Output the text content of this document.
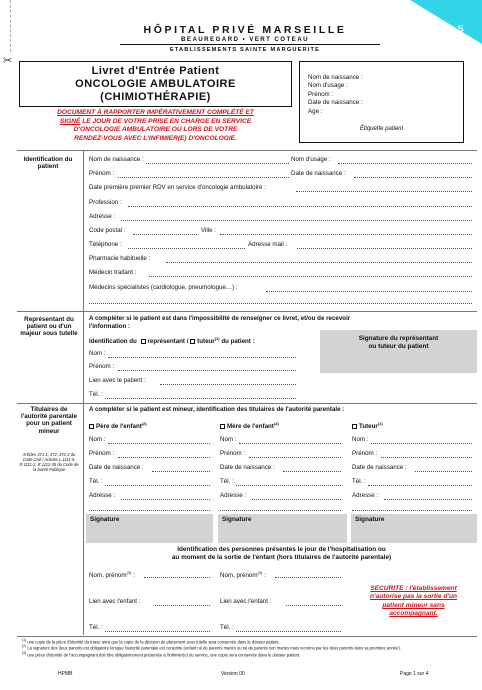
HÔPITAL PRIVÉ MARSEILLE
BEAUREGARD • VERT COTEAU
ETABLISSEMENTS SAINTE MARGUERITE
5
✂
Livret d'Entrée Patient
ONCOLOGIE AMBULATOIRE
(CHIMIOTHÉRAPIE)
DOCUMENT À RAPPORTER IMPÉRATIVEMENT COMPLÉTÉ ET
SIGNÉ LE JOUR DE VOTRE PRISE EN CHARGE EN SERVICE
D'ONCOLOGIE AMBULATOIRE OU LORS DE VOTRE
RENDEZ-VOUS AVEC L'INFIMIER(E) D'ONCOLOGIE.
Nom de naissance :
Nom d'usage :
Prénom :
Date de naissance :
Age :
Étiquette patient
Identification du patient
Nom de naissance :	Nom d'usage :
Prénom :	Date de naissance :
Date première premier RDV en service d'oncologie ambulatoire :
Profession :
Adresse :
Code postal :	Ville :
Téléphone :	Adresse mail :
Pharmacie habituelle :
Médecin traitant :
Médecins spécialistes (cardiologue, pneumologue…) :
Représentant du patient ou d'un majeur sous tutelle
A compléter si le patient est dans l'impossibilité de renseigner ce livret, et/ou de recevoir
l'information :
Identification du représentant / tuteur$^{(1)}$ du patient :
Nom :
Prénom :
Lien avec le patient :
Tél. :
Signature du représentant
ou tuteur du patient
Titulaires de l'autorité parentale pour un patient mineur
Articles 371-1, 372, 372-2 du Code Civil / Articles L.1111-5, R.1111-2, R.1112-35 du Code de la Santé Publique
A compléter si le patient est mineur, identification des titulaires de l'autorité parentale :
Père de l'enfant$^{(2)}$
Nom :
Prénom :
Date de naissance :
Tél. :
Adresse :
Mère de l'enfant$^{(2)}$
Nom :
Prénom :
Date de naissance :
Tél. :
Adresse :
Tuteur$^{(1)}$
Nom :
Prénom :
Date de naissance :
Tél. :
Adresse :
Signature	Signature	Signature
Identification des personnes présentes le jour de l'hospitalisation ou
au moment de la sortie de l'enfant (hors titulaires de l'autorité parentale)
Nom, prénom$^{(3)}$ :
Lien avec l'enfant :
Tél. :
Nom, prénom$^{(3)}$ :
Lien avec l'enfant :
Tél. :
SECURITE : l'établissement
n'autorise pas la sortie d'un
patient mineur sans
accompagnant.
$^{(1)}$ une copie de la pièce d'identité du tuteur ainsi que la copie de la décision de placement sous tutelle sera conservée dans le dossier patient.
$^{(2)}$ La signature des deux parents est obligatoire lorsque l'autorité parentale est conjointe (enfant né de parents mariés ou né de parents non mariés mais reconnu par les deux parents dans sa première année).
$^{(3)}$ une pièce d'identité de l'accompagnant doit être obligatoirement présentée à l'infirmier(e) du service, une copie sera conservée dans le dossier patient.
HPMB	Version 00	Page 1 sur 4
